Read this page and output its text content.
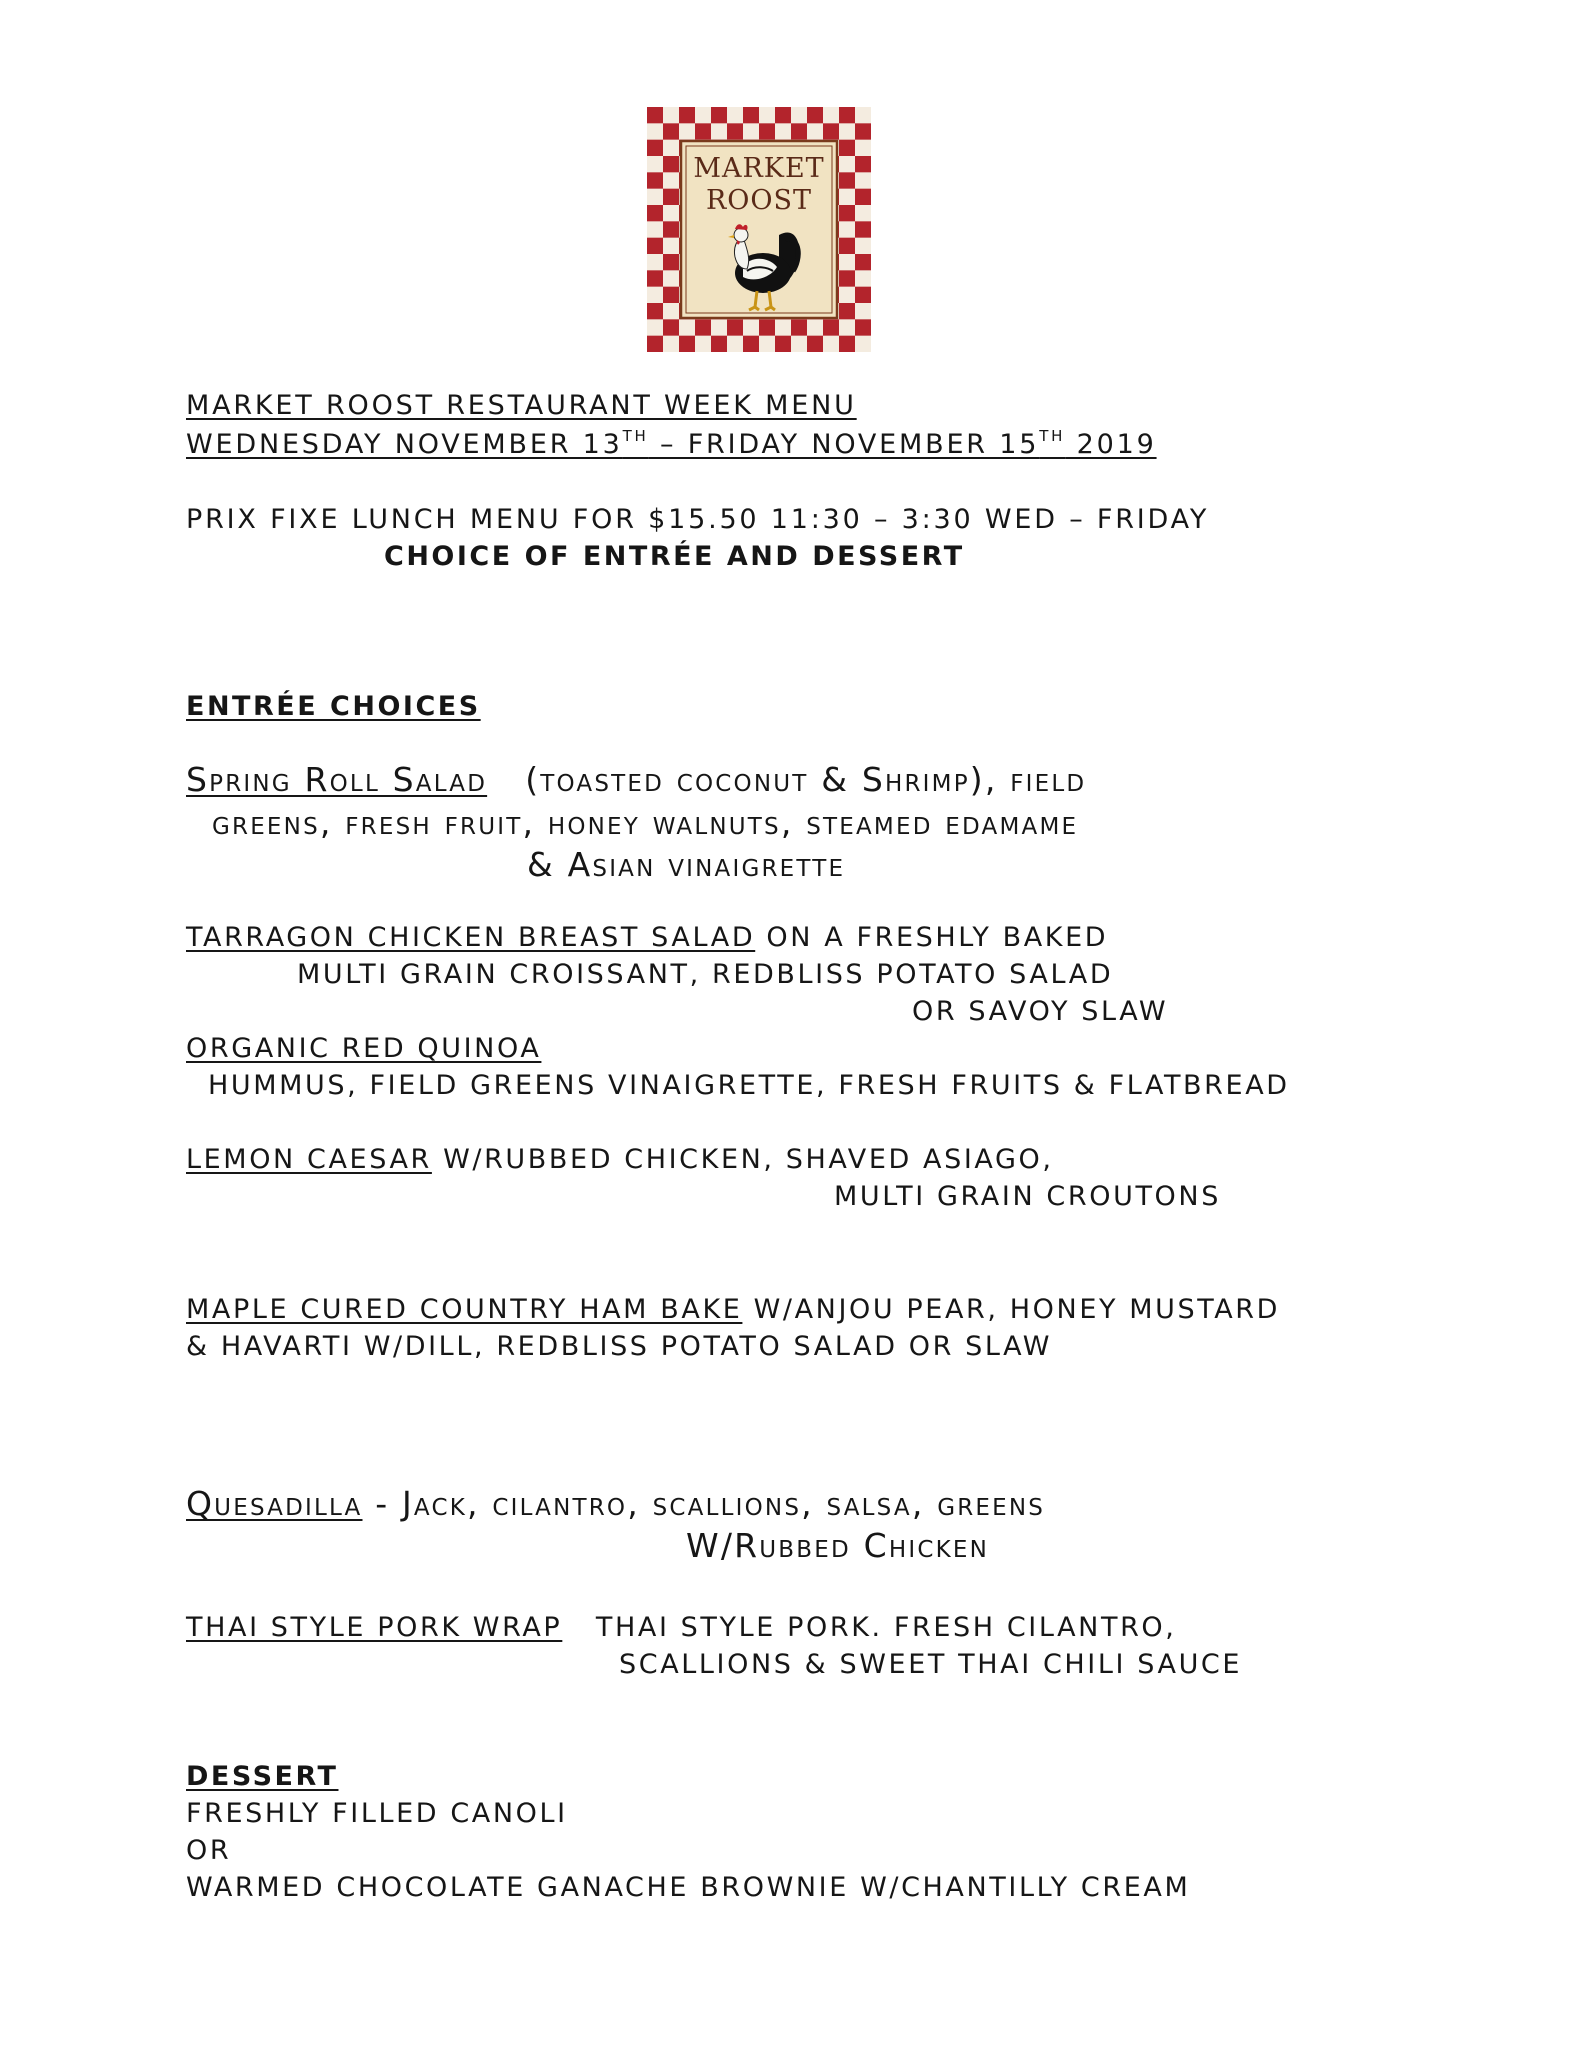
MARKET
ROOST
MARKET ROOST RESTAURANT WEEK MENU
WEDNESDAY NOVEMBER 13TH – FRIDAY NOVEMBER 15TH 2019
PRIX FIXE LUNCH MENU FOR $15.50 11:30 – 3:30 WED – FRIDAY
CHOICE OF ENTRÉE AND DESSERT
ENTRÉE CHOICES
Spring Roll Salad   (toasted coconut & Shrimp), field
greens, fresh fruit, honey walnuts, steamed edamame
& Asian vinaigrette
TARRAGON CHICKEN BREAST SALAD ON A FRESHLY BAKED
MULTI GRAIN CROISSANT, REDBLISS POTATO SALAD
OR SAVOY SLAW
ORGANIC RED QUINOA
HUMMUS, FIELD GREENS VINAIGRETTE, FRESH FRUITS & FLATBREAD
LEMON CAESAR W/RUBBED CHICKEN, SHAVED ASIAGO,
MULTI GRAIN CROUTONS
MAPLE CURED COUNTRY HAM BAKE W/ANJOU PEAR, HONEY MUSTARD
& HAVARTI W/DILL, REDBLISS POTATO SALAD OR SLAW
Quesadilla - Jack, cilantro, scallions, salsa, greens
W/Rubbed Chicken
THAI STYLE PORK WRAP   THAI STYLE PORK. FRESH CILANTRO,
SCALLIONS & SWEET THAI CHILI SAUCE
DESSERT
FRESHLY FILLED CANOLI
OR
WARMED CHOCOLATE GANACHE BROWNIE W/CHANTILLY CREAM
